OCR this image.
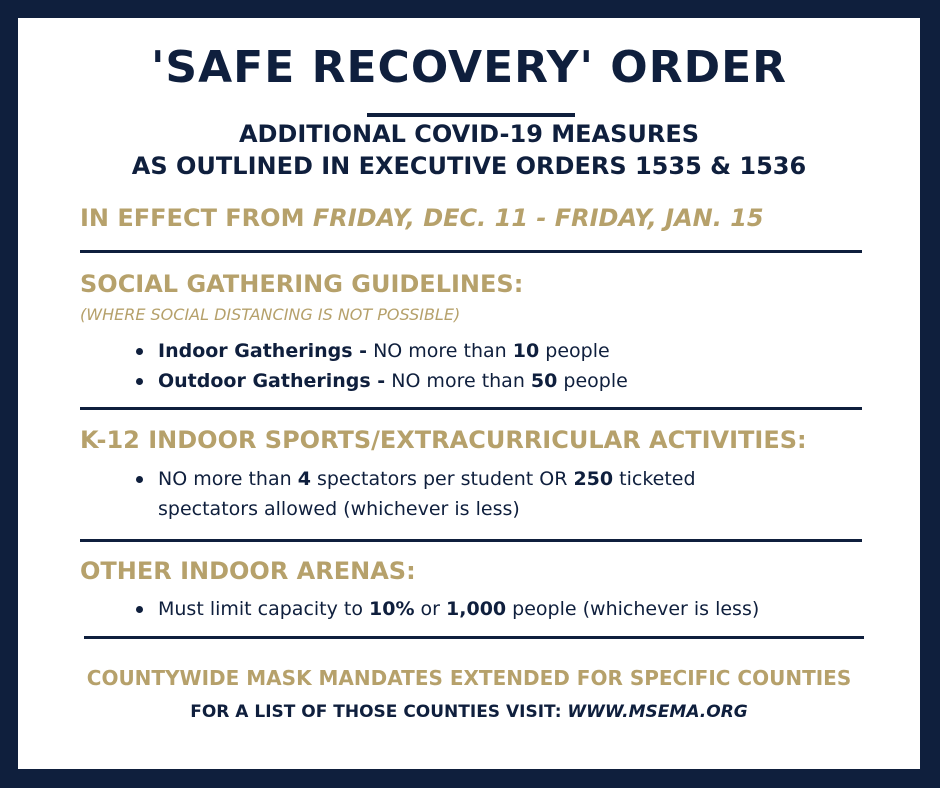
'SAFE RECOVERY' ORDER
ADDITIONAL COVID-19 MEASURES
AS OUTLINED IN EXECUTIVE ORDERS 1535 & 1536
IN EFFECT FROM FRIDAY, DEC. 11 - FRIDAY, JAN. 15
SOCIAL GATHERING GUIDELINES:
(WHERE SOCIAL DISTANCING IS NOT POSSIBLE)
Indoor Gatherings - NO more than 10 people
Outdoor Gatherings - NO more than 50 people
K-12 INDOOR SPORTS/EXTRACURRICULAR ACTIVITIES:
NO more than 4 spectators per student OR 250 ticketed
spectators allowed (whichever is less)
OTHER INDOOR ARENAS:
Must limit capacity to 10% or 1,000 people (whichever is less)
COUNTYWIDE MASK MANDATES EXTENDED FOR SPECIFIC COUNTIES
FOR A LIST OF THOSE COUNTIES VISIT: WWW.MSEMA.ORG
